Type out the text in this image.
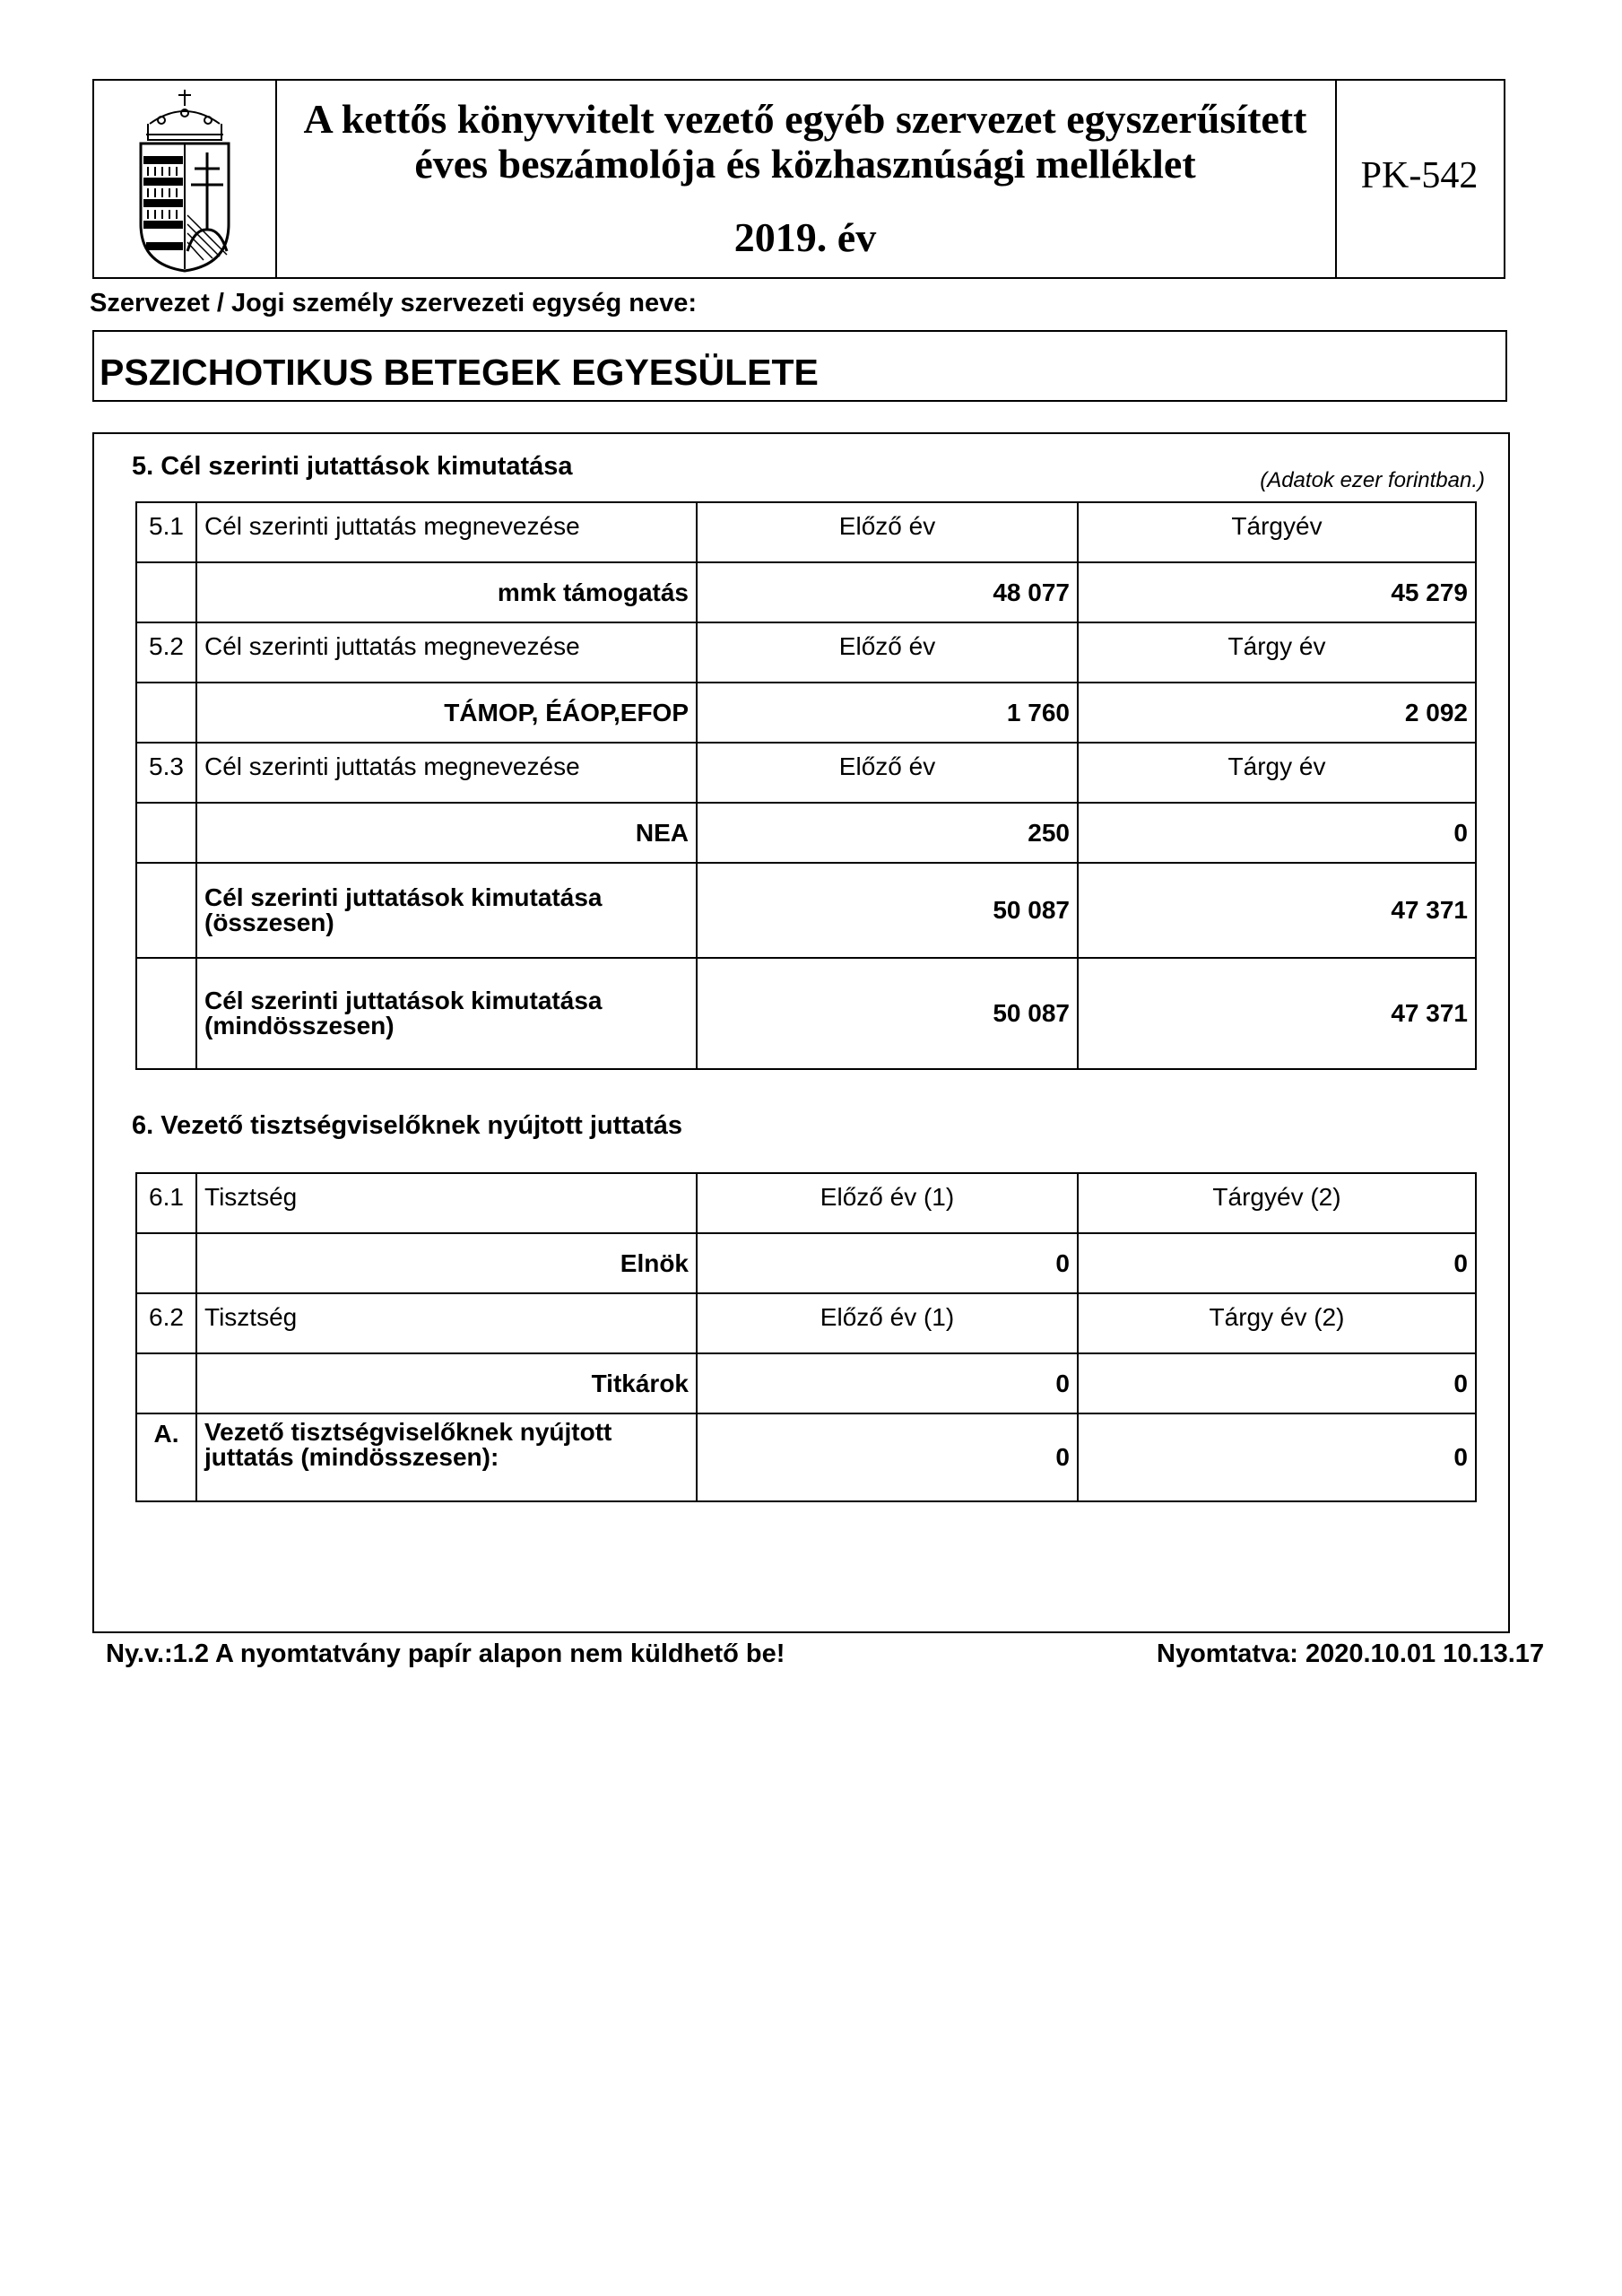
A kettős könyvvitelt vezető egyéb szervezet egyszerűsített
éves beszámolója és közhasznúsági melléklet
2019. év
PK-542
Szervezet / Jogi személy szervezeti egység neve:
PSZICHOTIKUS BETEGEK EGYESÜLETE
5. Cél szerinti jutattások kimutatása	(Adatok ezer forintban.)
5.1	Cél szerinti juttatás megnevezése	Előző év	Tárgyév
	mmk támogatás	48 077	45 279
5.2	Cél szerinti juttatás megnevezése	Előző év	Tárgy év
	TÁMOP, ÉÁOP,EFOP	1 760	2 092
5.3	Cél szerinti juttatás megnevezése	Előző év	Tárgy év
	NEA	250	0

	Cél szerinti juttatások kimutatása
(összesen)	50 087	47 371

	Cél szerinti juttatások kimutatása
(mindösszesen)	50 087	47 371
6. Vezető tisztségviselőknek nyújtott juttatás
6.1	Tisztség	Előző év (1)	Tárgyév (2)
	Elnök	0	0
6.2	Tisztség	Előző év (1)	Tárgy év (2)
	Titkárok	0	0
A.	Vezető tisztségviselőknek nyújtott
juttatás (mindösszesen):	0	0
Ny.v.:1.2 A nyomtatvány papír alapon nem küldhető be!	Nyomtatva: 2020.10.01 10.13.17
